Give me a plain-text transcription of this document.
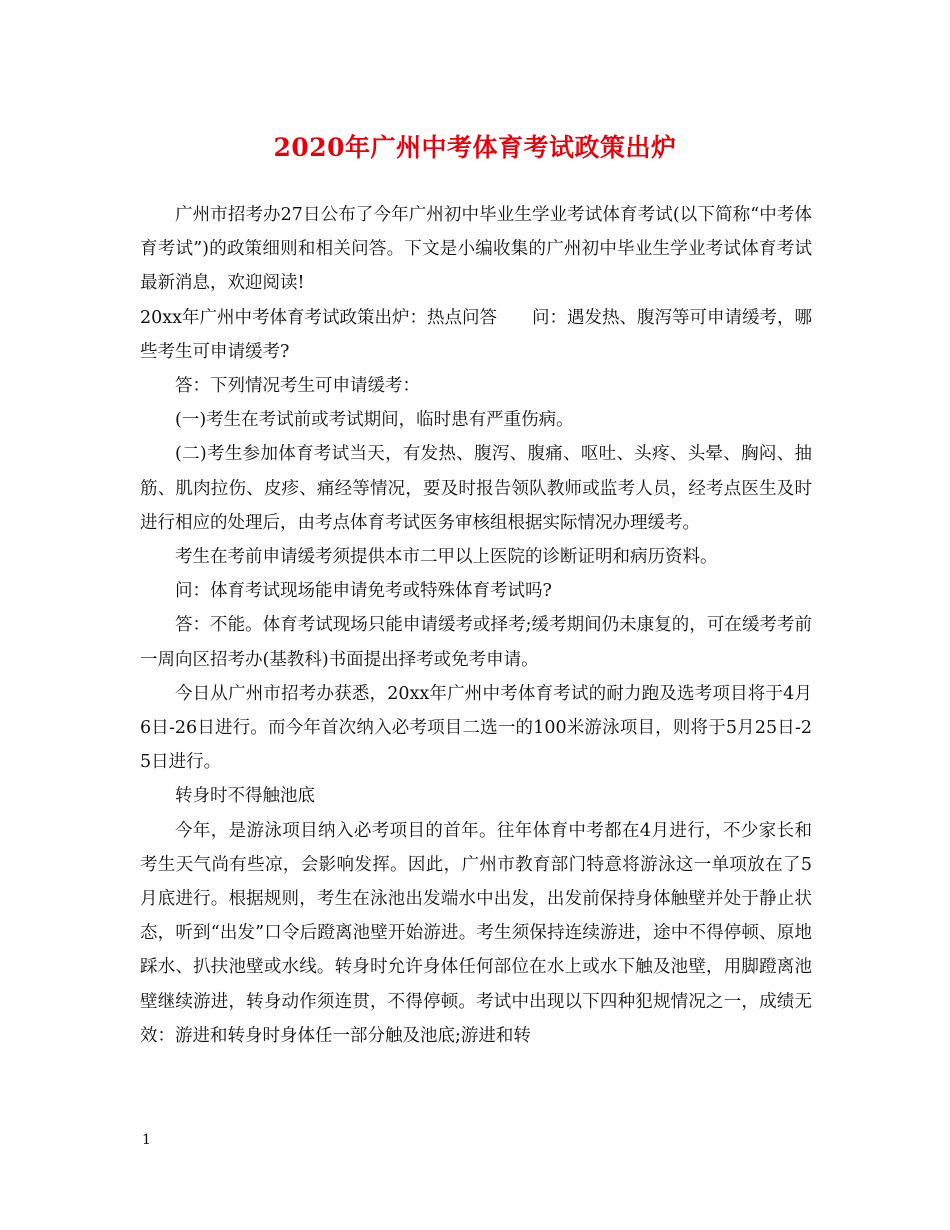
2020年广州中考体育考试政策出炉

广州市招考办27日公布了今年广州初中毕业生学业考试体育考试(以下简称“中考体育考试”)的政策细则和相关问答。下文是小编收集的广州初中毕业生学业考试体育考试最新消息，欢迎阅读!

20xx年广州中考体育考试政策出炉：热点问答　　问：遇发热、腹泻等可申请缓考，哪些考生可申请缓考?

答：下列情况考生可申请缓考：

(一)考生在考试前或考试期间，临时患有严重伤病。

(二)考生参加体育考试当天，有发热、腹泻、腹痛、呕吐、头疼、头晕、胸闷、抽筋、肌肉拉伤、皮疹、痛经等情况，要及时报告领队教师或监考人员，经考点医生及时进行相应的处理后，由考点体育考试医务审核组根据实际情况办理缓考。

考生在考前申请缓考须提供本市二甲以上医院的诊断证明和病历资料。

问：体育考试现场能申请免考或特殊体育考试吗?

答：不能。体育考试现场只能申请缓考或择考;缓考期间仍未康复的，可在缓考考前一周向区招考办(基教科)书面提出择考或免考申请。

今日从广州市招考办获悉，20xx年广州中考体育考试的耐力跑及选考项目将于4月6日-26日进行。而今年首次纳入必考项目二选一的100米游泳项目，则将于5月25日-25日进行。

转身时不得触池底

今年，是游泳项目纳入必考项目的首年。往年体育中考都在4月进行，不少家长和考生天气尚有些凉，会影响发挥。因此，广州市教育部门特意将游泳这一单项放在了5月底进行。根据规则，考生在泳池出发端水中出发，出发前保持身体触壁并处于静止状态，听到“出发”口令后蹬离池壁开始游进。考生须保持连续游进，途中不得停顿、原地踩水、扒扶池壁或水线。转身时允许身体任何部位在水上或水下触及池壁，用脚蹬离池壁继续游进，转身动作须连贯，不得停顿。考试中出现以下四种犯规情况之一，成绩无效：游进和转身时身体任一部分触及池底;游进和转

1
